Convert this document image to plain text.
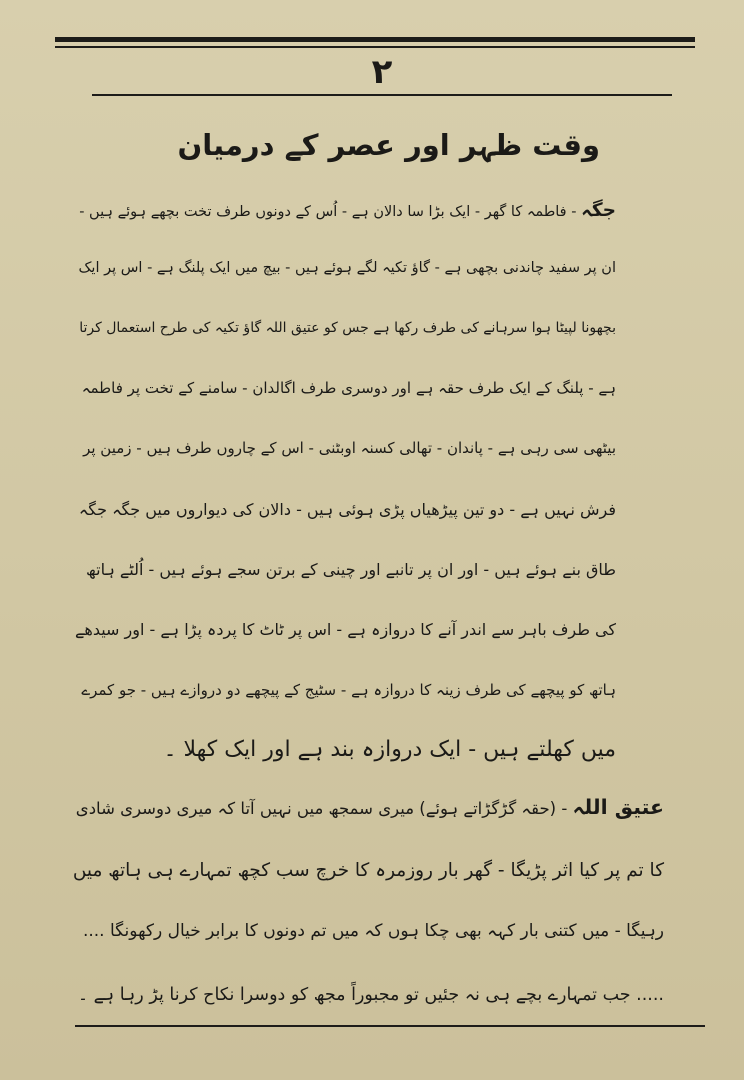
۲
وقت ظہر اور عصر کے درمیان
جگہ - فاطمہ کا گھر - ایک بڑا سا دالان ہے - اُس کے دونوں طرف تخت بچھے ہوئے ہیں -
ان پر سفید چاندنی بچھی ہے - گاؤ تکیہ لگے ہوئے ہیں - بیچ میں ایک پلنگ ہے - اس پر ایک
بچھونا لپیٹا ہوا سرہانے کی طرف رکھا ہے جس کو عتیق اللہ گاؤ تکیہ کی طرح استعمال کرتا
ہے - پلنگ کے ایک طرف حقہ ہے اور دوسری طرف اگالدان - سامنے کے تخت پر فاطمہ
بیٹھی سی رہی ہے - پاندان - تھالی کسنہ اوبٹنی - اس کے چاروں طرف ہیں - زمین پر
فرش نہیں ہے - دو تین پیڑھیاں پڑی ہوئی ہیں - دالان کی دیواروں میں جگہ جگہ
طاق بنے ہوئے ہیں - اور ان پر تانبے اور چینی کے برتن سجے ہوئے ہیں - اُلٹے ہاتھ
کی طرف باہر سے اندر آنے کا دروازہ ہے - اس پر ٹاٹ کا پردہ پڑا ہے - اور سیدھے
ہاتھ کو پیچھے کی طرف زینہ کا دروازہ ہے - سٹیج کے پیچھے دو دروازے ہیں - جو کمرے
میں کھلتے ہیں - ایک دروازہ بند ہے اور ایک کھلا ۔
عتیق اللہ - (حقہ گڑگڑاتے ہوئے) میری سمجھ میں نہیں آتا کہ میری دوسری شادی
کا تم پر کیا اثر پڑیگا - گھر بار روزمرہ کا خرچ سب کچھ تمہارے ہی ہاتھ میں
رہیگا - میں کتنی بار کہہ بھی چکا ہوں کہ میں تم دونوں کا برابر خیال رکھونگا ....
..... جب تمہارے بچے ہی نہ جئیں تو مجبوراً مجھ کو دوسرا نکاح کرنا پڑ رہا ہے ۔
